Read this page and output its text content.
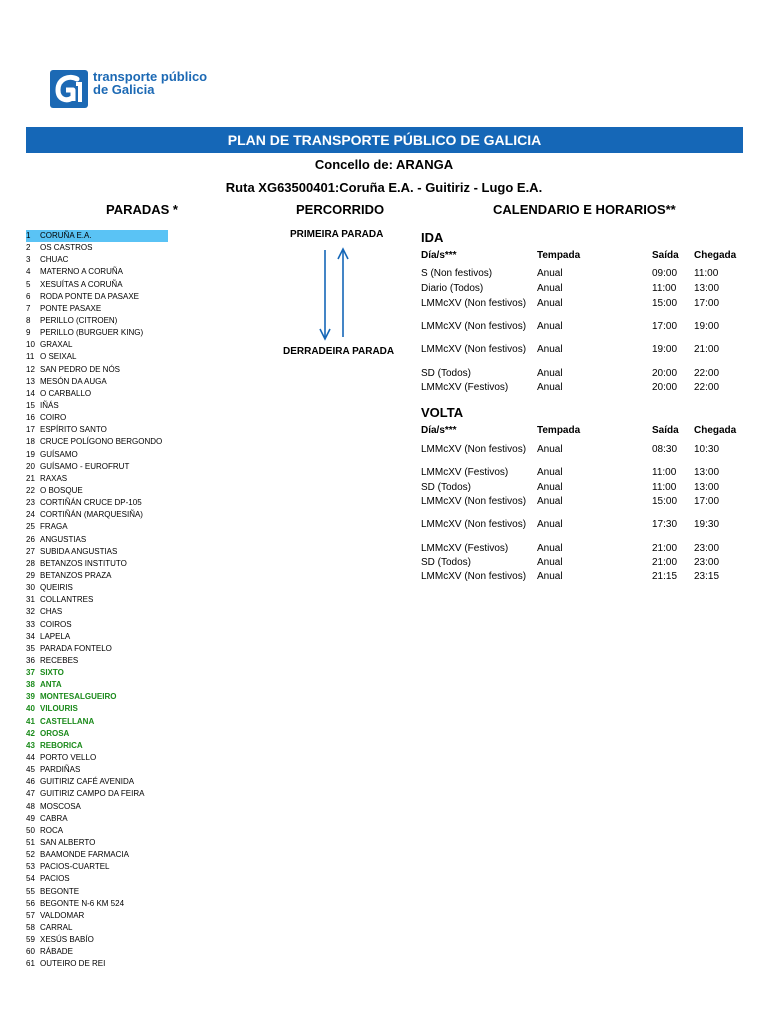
transporte público
de Galicia
PLAN DE TRANSPORTE PÚBLICO DE GALICIA
Concello de: ARANGA
Ruta XG63500401:Coruña E.A. - Guitiriz - Lugo E.A.
PARADAS *	PERCORRIDO	CALENDARIO E HORARIOS**
1 CORUÑA E.A.
2 OS CASTROS
3 CHUAC
4 MATERNO A CORUÑA
5 XESUÍTAS A CORUÑA
6 RODA PONTE DA PASAXE
7 PONTE PASAXE
8 PERILLO (CITROEN)
9 PERILLO (BURGUER KING)
10 GRAXAL
11 O SEIXAL
12 SAN PEDRO DE NÓS
13 MESÓN DA AUGA
14 O CARBALLO
15 IÑÁS
16 COIRO
17 ESPÍRITO SANTO
18 CRUCE POLÍGONO BERGONDO
19 GUÍSAMO
20 GUÍSAMO - EUROFRUT
21 RAXAS
22 O BOSQUE
23 CORTIÑÁN CRUCE DP-105
24 CORTIÑÁN (MARQUESIÑA)
25 FRAGA
26 ANGUSTIAS
27 SUBIDA ANGUSTIAS
28 BETANZOS INSTITUTO
29 BETANZOS PRAZA
30 QUEIRIS
31 COLLANTRES
32 CHAS
33 COIROS
34 LAPELA
35 PARADA FONTELO
36 RECEBES
37 SIXTO
38 ANTA
39 MONTESALGUEIRO
40 VILOURIS
41 CASTELLANA
42 OROSA
43 REBORICA
44 PORTO VELLO
45 PARDIÑAS
46 GUITIRIZ CAFÉ AVENIDA
47 GUITIRIZ CAMPO DA FEIRA
48 MOSCOSA
49 CABRA
50 ROCA
51 SAN ALBERTO
52 BAAMONDE FARMACIA
53 PACIOS-CUARTEL
54 PACIOS
55 BEGONTE
56 BEGONTE N-6 KM 524
57 VALDOMAR
58 CARRAL
59 XESÚS BABÍO
60 RÁBADE
61 OUTEIRO DE REI
PRIMEIRA PARADA
DERRADEIRA PARADA
IDA
Día/s***	Tempada	Saída Chegada
S (Non festivos)	Anual	09:00 11:00
Diario (Todos)	Anual	11:00 13:00
LMMcXV (Non festivos) Anual	15:00 17:00
LMMcXV (Non festivos) Anual	17:00 19:00
LMMcXV (Non festivos) Anual	19:00 21:00
SD (Todos)	Anual	20:00 22:00
LMMcXV (Festivos)	Anual	20:00 22:00
VOLTA
Día/s***	Tempada	Saída Chegada
LMMcXV (Non festivos) Anual	08:30 10:30
LMMcXV (Festivos)	Anual	11:00 13:00
SD (Todos)	Anual	11:00 13:00
LMMcXV (Non festivos) Anual	15:00 17:00
LMMcXV (Non festivos) Anual	17:30 19:30
LMMcXV (Festivos)	Anual	21:00 23:00
SD (Todos)	Anual	21:00 23:00
LMMcXV (Non festivos) Anual	21:15 23:15
